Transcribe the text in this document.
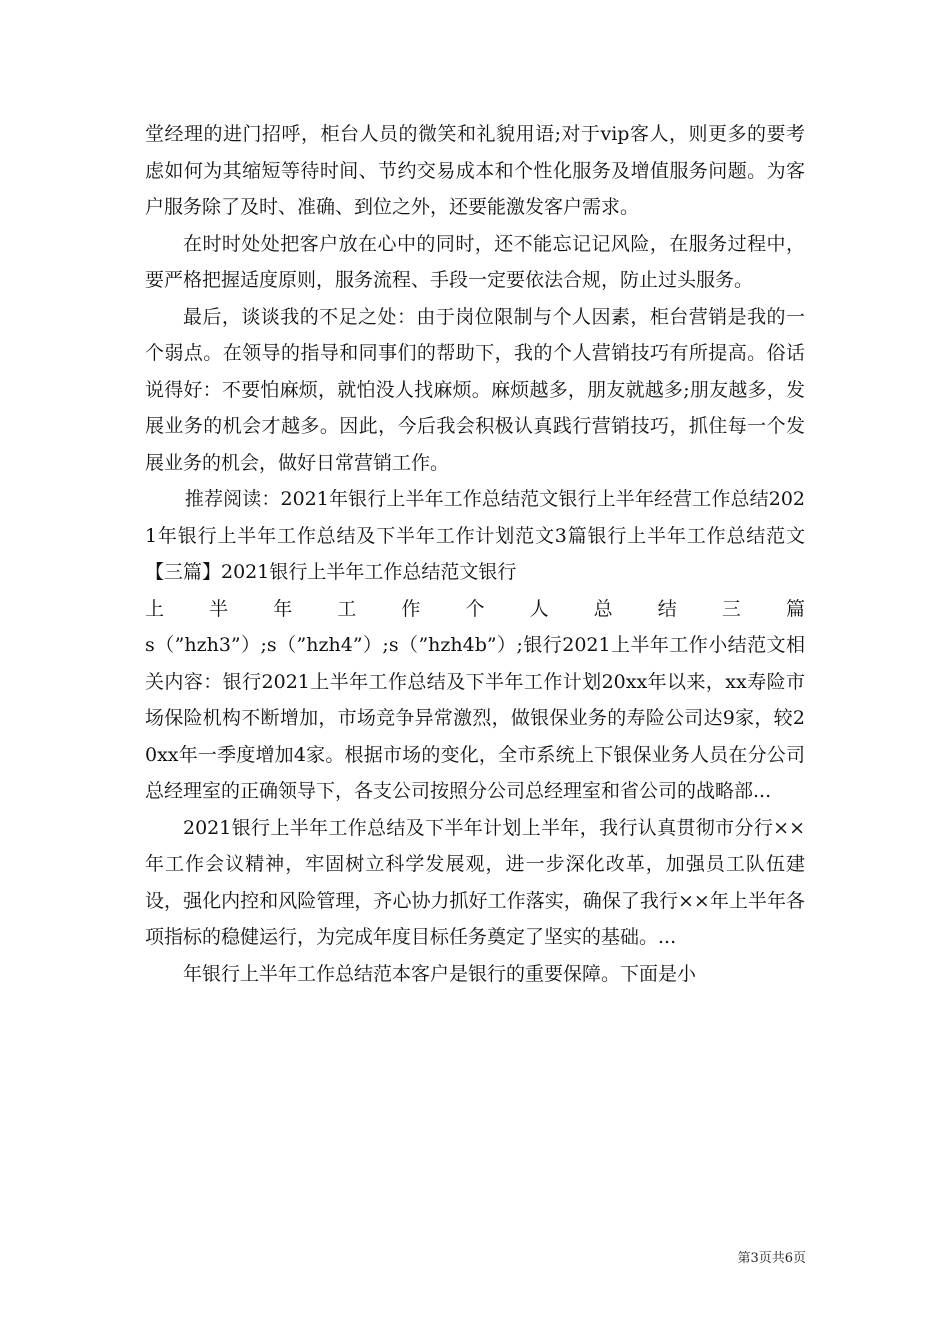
堂经理的进门招呼，柜台人员的微笑和礼貌用语;对于vip客人，则更多的要考虑如何为其缩短等待时间、节约交易成本和个性化服务及增值服务问题。为客户服务除了及时、准确、到位之外，还要能激发客户需求。

在时时处处把客户放在心中的同时，还不能忘记记风险，在服务过程中，要严格把握适度原则，服务流程、手段一定要依法合规，防止过头服务。

最后，谈谈我的不足之处：由于岗位限制与个人因素，柜台营销是我的一个弱点。在领导的指导和同事们的帮助下，我的个人营销技巧有所提高。俗话说得好：不要怕麻烦，就怕没人找麻烦。麻烦越多，朋友就越多;朋友越多，发展业务的机会才越多。因此，今后我会积极认真践行营销技巧，抓住每一个发展业务的机会，做好日常营销工作。

推荐阅读：2021年银行上半年工作总结范文银行上半年经营工作总结2021年银行上半年工作总结及下半年工作计划范文3篇银行上半年工作总结范文【三篇】2021银行上半年工作总结范文银行

上 半 年 工 作 个 人 总 结 三 篇

s（”hzh3”）;s（”hzh4”）;s（”hzh4b”）;银行2021上半年工作小结范文相关内容：银行2021上半年工作总结及下半年工作计划20xx年以来，xx寿险市场保险机构不断增加，市场竞争异常激烈，做银保业务的寿险公司达9家，较20xx年一季度增加4家。根据市场的变化，全市系统上下银保业务人员在分公司总经理室的正确领导下，各支公司按照分公司总经理室和省公司的战略部...

2021银行上半年工作总结及下半年计划上半年，我行认真贯彻市分行××年工作会议精神，牢固树立科学发展观，进一步深化改革，加强员工队伍建设，强化内控和风险管理，齐心协力抓好工作落实，确保了我行××年上半年各项指标的稳健运行，为完成年度目标任务奠定了坚实的基础。...

年银行上半年工作总结范本客户是银行的重要保障。下面是小

第3页共6页
